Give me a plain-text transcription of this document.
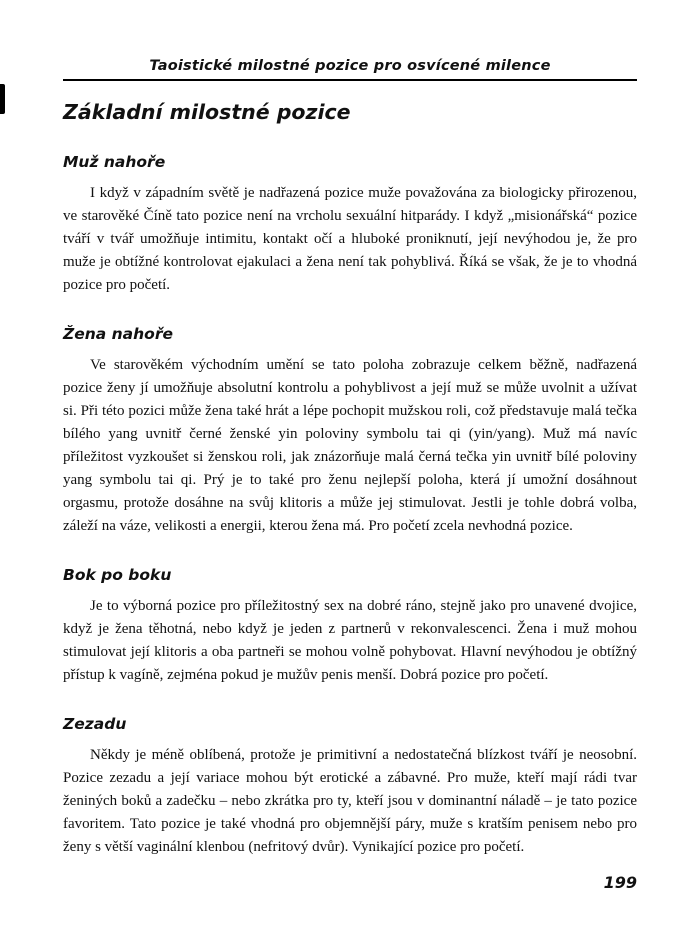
Taoistické milostné pozice pro osvícené milence
Základní milostné pozice
Muž nahoře

I když v západním světě je nadřazená pozice muže považována za biologicky přirozenou, ve starověké Číně tato pozice není na vrcholu sexuální hitparády. I když „misionářská“ pozice tváří v tvář umožňuje intimitu, kontakt očí a hluboké proniknutí, její nevýhodou je, že pro muže je obtížné kontrolovat ejakulaci a žena není tak pohyblivá. Říká se však, že je to vhodná pozice pro početí.

Žena nahoře

Ve starověkém východním umění se tato poloha zobrazuje celkem běžně, nadřazená pozice ženy jí umožňuje absolutní kontrolu a pohyblivost a její muž se může uvolnit a užívat si. Při této pozici může žena také hrát a lépe pochopit mužskou roli, což představuje malá tečka bílého yang uvnitř černé ženské yin poloviny symbolu tai qi (yin/yang). Muž má navíc příležitost vyzkoušet si ženskou roli, jak znázorňuje malá černá tečka yin uvnitř bílé poloviny yang symbolu tai qi. Prý je to také pro ženu nejlepší poloha, která jí umožní dosáhnout orgasmu, protože dosáhne na svůj klitoris a může jej stimulovat. Jestli je tohle dobrá volba, záleží na váze, velikosti a energii, kterou žena má. Pro početí zcela nevhodná pozice.

Bok po boku

Je to výborná pozice pro příležitostný sex na dobré ráno, stejně jako pro unavené dvojice, když je žena těhotná, nebo když je jeden z partnerů v rekonvalescenci. Žena i muž mohou stimulovat její klitoris a oba partneři se mohou volně pohybovat. Hlavní nevýhodou je obtížný přístup k vagíně, zejména pokud je mužův penis menší. Dobrá pozice pro početí.

Zezadu

Někdy je méně oblíbená, protože je primitivní a nedostatečná blízkost tváří je neosobní. Pozice zezadu a její variace mohou být erotické a zábavné. Pro muže, kteří mají rádi tvar ženiných boků a zadečku – nebo zkrátka pro ty, kteří jsou v dominantní náladě – je tato pozice favoritem. Tato pozice je také vhodná pro objemnější páry, muže s kratším penisem nebo pro ženy s větší vaginální klenbou (nefritový dvůr). Vynikající pozice pro početí.

199
